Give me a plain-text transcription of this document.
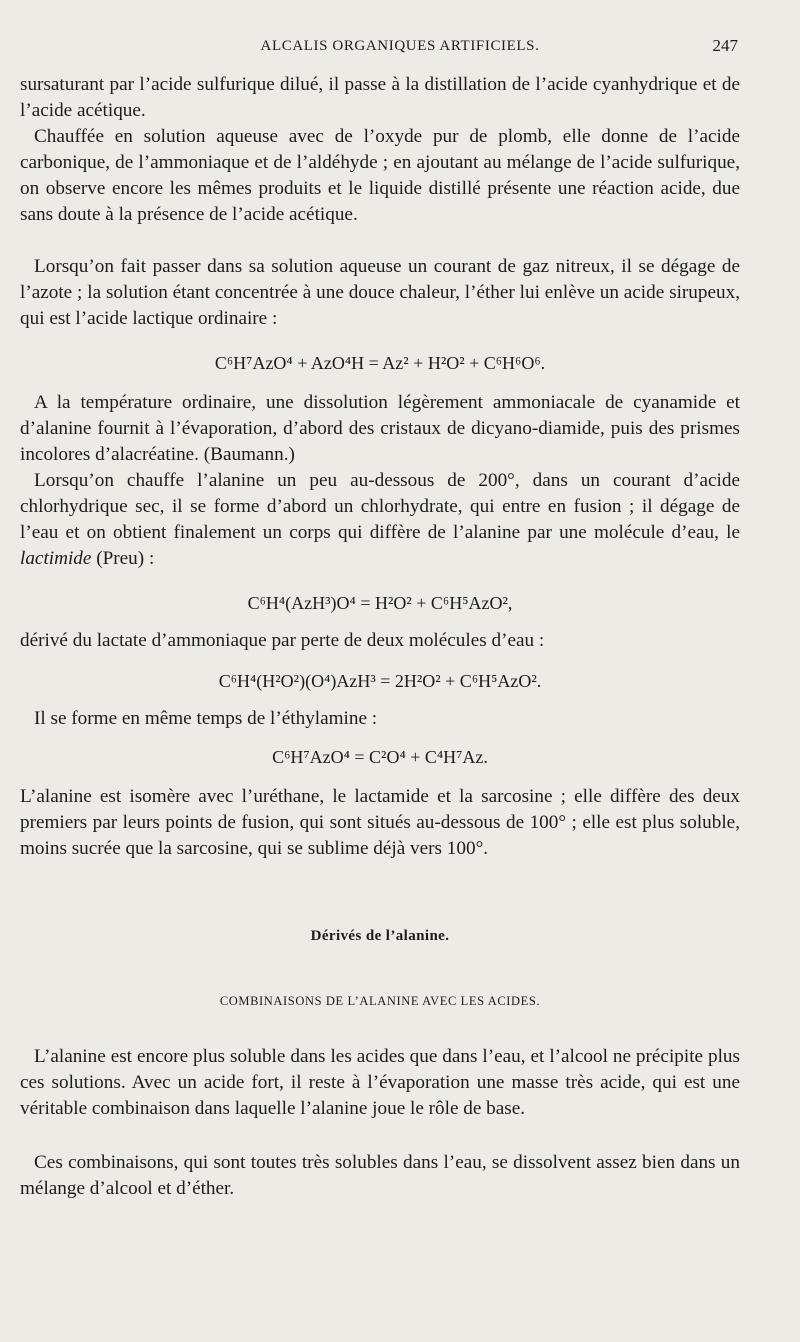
ALCALIS ORGANIQUES ARTIFICIELS.	247

sursaturant par l’acide sulfurique dilué, il passe à la distillation de l’acide cyanhydrique et de l’acide acétique.

Chauffée en solution aqueuse avec de l’oxyde pur de plomb, elle donne de l’acide carbonique, de l’ammoniaque et de l’aldéhyde ; en ajoutant au mélange de l’acide sulfurique, on observe encore les mêmes produits et le liquide distillé présente une réaction acide, due sans doute à la présence de l’acide acétique.

Lorsqu’on fait passer dans sa solution aqueuse un courant de gaz nitreux, il se dégage de l’azote ; la solution étant concentrée à une douce chaleur, l’éther lui enlève un acide sirupeux, qui est l’acide lactique ordinaire :

C⁶H⁷AzO⁴ + AzO⁴H = Az² + H²O² + C⁶H⁶O⁶.

A la température ordinaire, une dissolution légèrement ammoniacale de cyanamide et d’alanine fournit à l’évaporation, d’abord des cristaux de dicyano-diamide, puis des prismes incolores d’alacréatine. (Baumann.)

Lorsqu’on chauffe l’alanine un peu au-dessous de 200°, dans un courant d’acide chlorhydrique sec, il se forme d’abord un chlorhydrate, qui entre en fusion ; il dégage de l’eau et on obtient finalement un corps qui diffère de l’alanine par une molécule d’eau, le lactimide (Preu) :

C⁶H⁴(AzH³)O⁴ = H²O² + C⁶H⁵AzO²,

dérivé du lactate d’ammoniaque par perte de deux molécules d’eau :

C⁶H⁴(H²O²)(O⁴)AzH³ = 2H²O² + C⁶H⁵AzO².

Il se forme en même temps de l’éthylamine :

C⁶H⁷AzO⁴ = C²O⁴ + C⁴H⁷Az.

L’alanine est isomère avec l’uréthane, le lactamide et la sarcosine ; elle diffère des deux premiers par leurs points de fusion, qui sont situés au-dessous de 100° ; elle est plus soluble, moins sucrée que la sarcosine, qui se sublime déjà vers 100°.

Dérivés de l’alanine.
COMBINAISONS DE L’ALANINE AVEC LES ACIDES.

L’alanine est encore plus soluble dans les acides que dans l’eau, et l’alcool ne précipite plus ces solutions. Avec un acide fort, il reste à l’évaporation une masse très acide, qui est une véritable combinaison dans laquelle l’alanine joue le rôle de base.

Ces combinaisons, qui sont toutes très solubles dans l’eau, se dissolvent assez bien dans un mélange d’alcool et d’éther.
